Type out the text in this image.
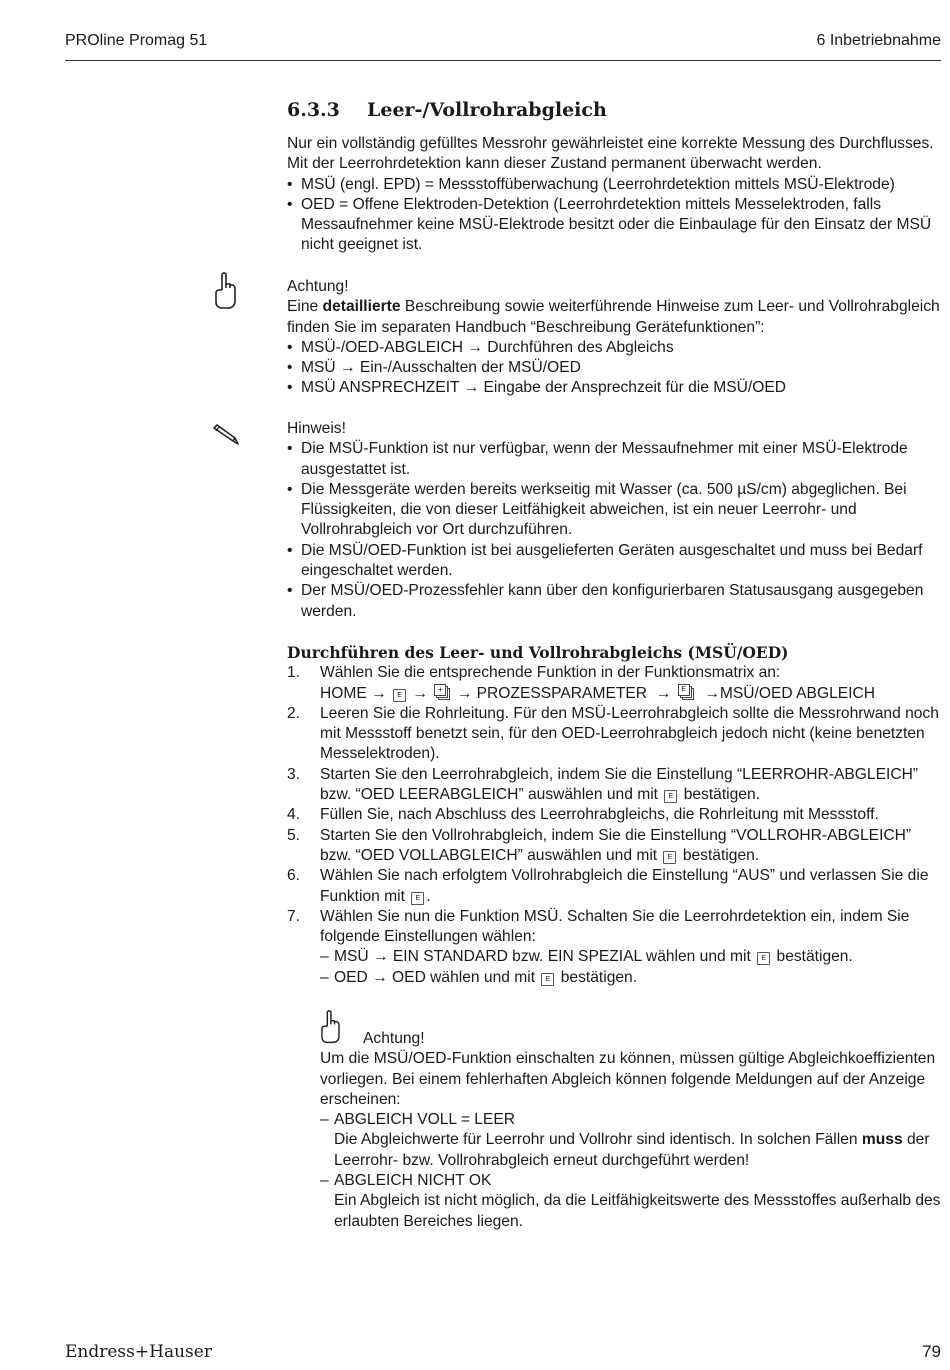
PROline Promag 51	6 Inbetriebnahme
6.3.3 Leer-/Vollrohrabgleich

Nur ein vollständig gefülltes Messrohr gewährleistet eine korrekte Messung des Durchflusses. Mit der Leerrohrdetektion kann dieser Zustand permanent überwacht werden.

• MSÜ (engl. EPD) = Messstoffüberwachung (Leerrohrdetektion mittels MSÜ-Elektrode)
• OED = Offene Elektroden-Detektion (Leerrohrdetektion mittels Messelektroden, falls Messaufnehmer keine MSÜ-Elektrode besitzt oder die Einbaulage für den Einsatz der MSÜ nicht geeignet ist.

Achtung!

Eine detaillierte Beschreibung sowie weiterführende Hinweise zum Leer- und Vollrohrabgleich finden Sie im separaten Handbuch “Beschreibung Gerätefunktionen”:

• MSÜ-/OED-ABGLEICH → Durchführen des Abgleichs
• MSÜ → Ein-/Ausschalten der MSÜ/OED
• MSÜ ANSPRECHZEIT → Eingabe der Ansprechzeit für die MSÜ/OED

Hinweis!

• Die MSÜ-Funktion ist nur verfügbar, wenn der Messaufnehmer mit einer MSÜ-Elektrode ausgestattet ist.
• Die Messgeräte werden bereits werkseitig mit Wasser (ca. 500 µS/cm) abgeglichen. Bei Flüssigkeiten, die von dieser Leitfähigkeit abweichen, ist ein neuer Leerrohr- und Vollrohrabgleich vor Ort durchzuführen.
• Die MSÜ/OED-Funktion ist bei ausgelieferten Geräten ausgeschaltet und muss bei Bedarf eingeschaltet werden.
• Der MSÜ/OED-Prozessfehler kann über den konfigurierbaren Statusausgang ausgegeben werden.

Durchführen des Leer- und Vollrohrabgleichs (MSÜ/OED)

1. Wählen Sie die entsprechende Funktion in der Funktionsmatrix an:
HOME → E →	+ → PROZESSPARAMETER →	E →MSÜ/OED ABGLEICH
2. Leeren Sie die Rohrleitung. Für den MSÜ-Leerrohrabgleich sollte die Messrohrwand noch mit Messstoff benetzt sein, für den OED-Leerrohrabgleich jedoch nicht (keine benetzten Messelektroden).
3. Starten Sie den Leerrohrabgleich, indem Sie die Einstellung “LEERROHR-ABGLEICH” bzw. “OED LEERABGLEICH” auswählen und mit E bestätigen.
4. Füllen Sie, nach Abschluss des Leerrohrabgleichs, die Rohrleitung mit Messstoff.
5. Starten Sie den Vollrohrabgleich, indem Sie die Einstellung “VOLLROHR-ABGLEICH” bzw. “OED VOLLABGLEICH” auswählen und mit E bestätigen.
6. Wählen Sie nach erfolgtem Vollrohrabgleich die Einstellung “AUS” und verlassen Sie die Funktion mit E .
7. Wählen Sie nun die Funktion MSÜ. Schalten Sie die Leerrohrdetektion ein, indem Sie folgende Einstellungen wählen:
– MSÜ → EIN STANDARD bzw. EIN SPEZIAL wählen und mit E bestätigen.
– OED → OED wählen und mit E bestätigen.

Achtung!

Um die MSÜ/OED-Funktion einschalten zu können, müssen gültige Abgleichkoeffizienten vorliegen. Bei einem fehlerhaften Abgleich können folgende Meldungen auf der Anzeige erscheinen:

– ABGLEICH VOLL = LEER

Die Abgleichwerte für Leerrohr und Vollrohr sind identisch. In solchen Fällen muss der Leerrohr- bzw. Vollrohrabgleich erneut durchgeführt werden!

– ABGLEICH NICHT OK

Ein Abgleich ist nicht möglich, da die Leitfähigkeitswerte des Messstoffes außerhalb des erlaubten Bereiches liegen.

Endress+Hauser	79
